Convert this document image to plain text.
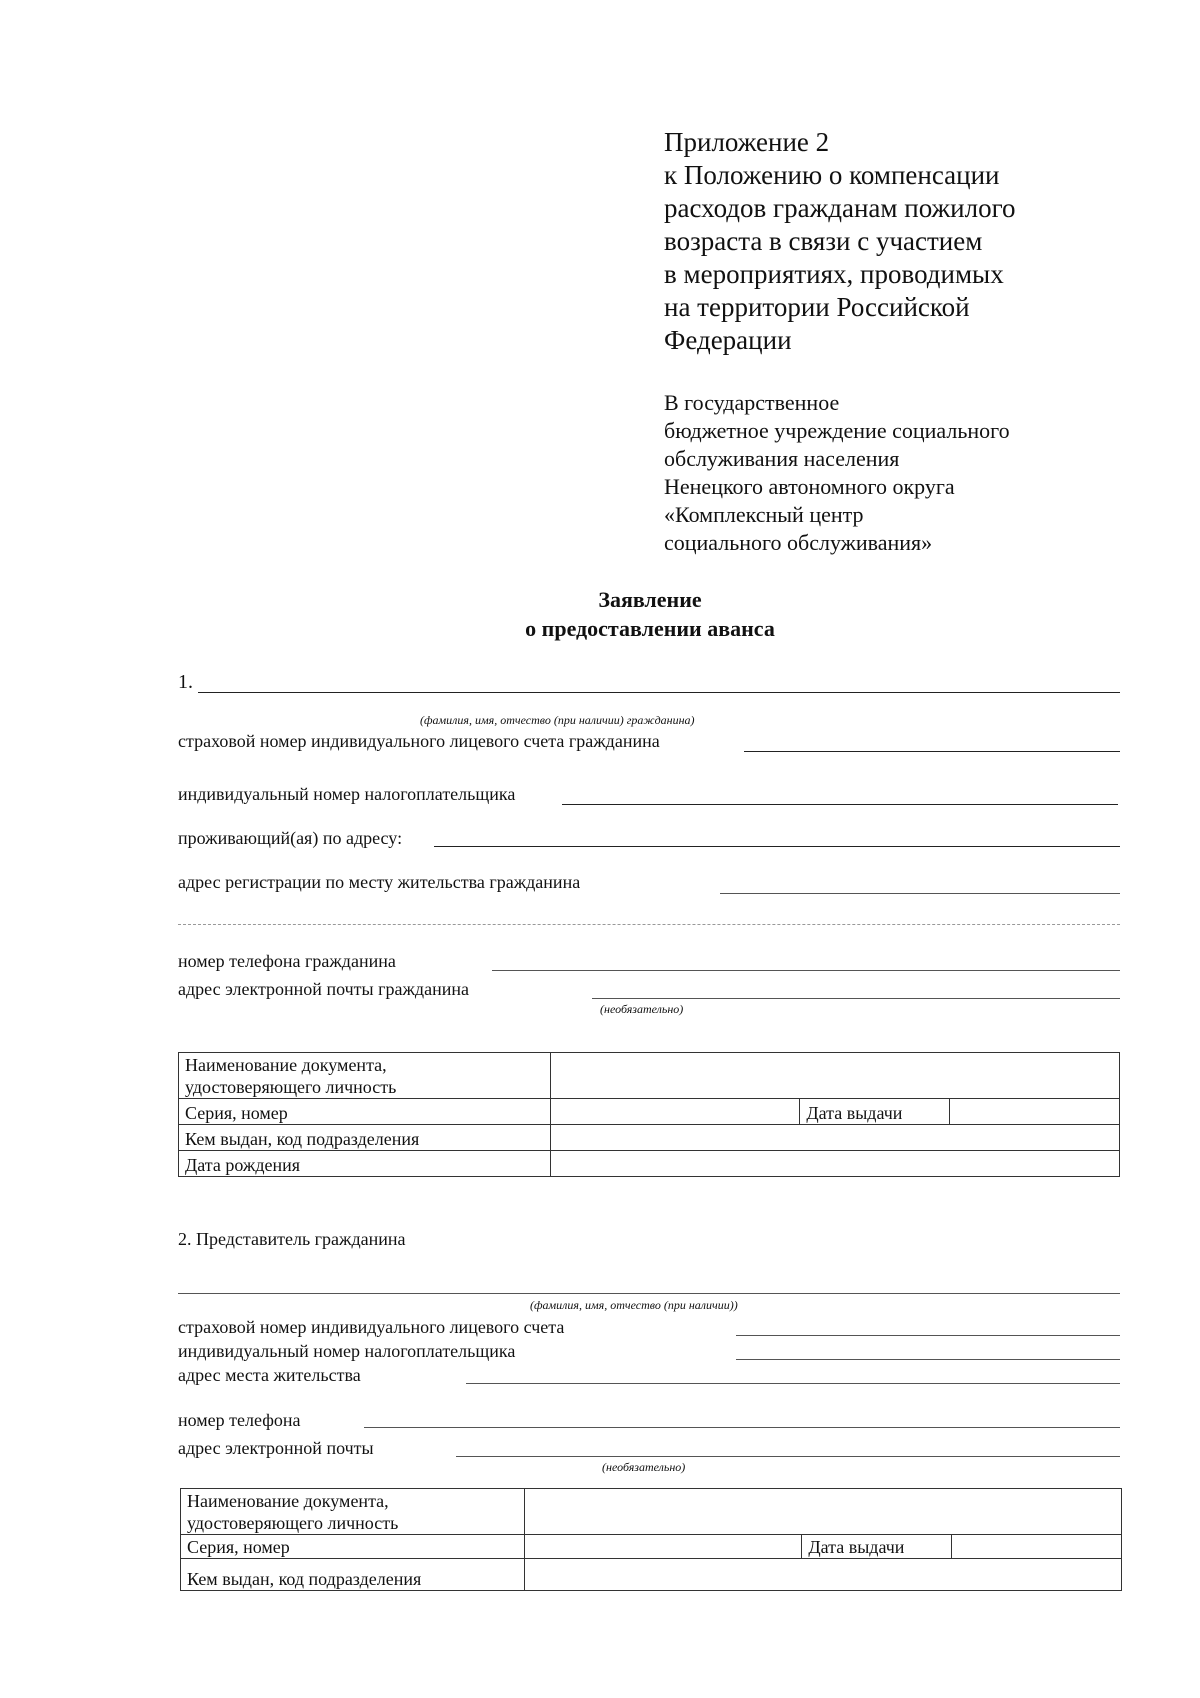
Приложение 2
к Положению о компенсации
расходов гражданам пожилого
возраста в связи с участием
в мероприятиях, проводимых
на территории Российской
Федерации
В государственное
бюджетное учреждение социального
обслуживания населения
Ненецкого автономного округа
«Комплексный центр
социального обслуживания»
Заявление
о предоставлении аванса
1.
(фамилия, имя, отчество (при наличии) гражданина)
страховой номер индивидуального лицевого счета гражданина
индивидуальный номер налогоплательщика
проживающий(ая) по адресу:
адрес регистрации по месту жительства гражданина
номер телефона гражданина
адрес электронной почты гражданина
(необязательно)
Наименование документа,
удостоверяющего личность			

Серия, номер		Дата выдачи	
Кем выдан, код подразделения			
Дата рождения			
2. Представитель гражданина
(фамилия, имя, отчество (при наличии))
страховой номер индивидуального лицевого счета
индивидуальный номер налогоплательщика
адрес места жительства
номер телефона
адрес электронной почты
(необязательно)
Наименование документа,
удостоверяющего личность			

Серия, номер		Дата выдачи	
Кем выдан, код подразделения			
